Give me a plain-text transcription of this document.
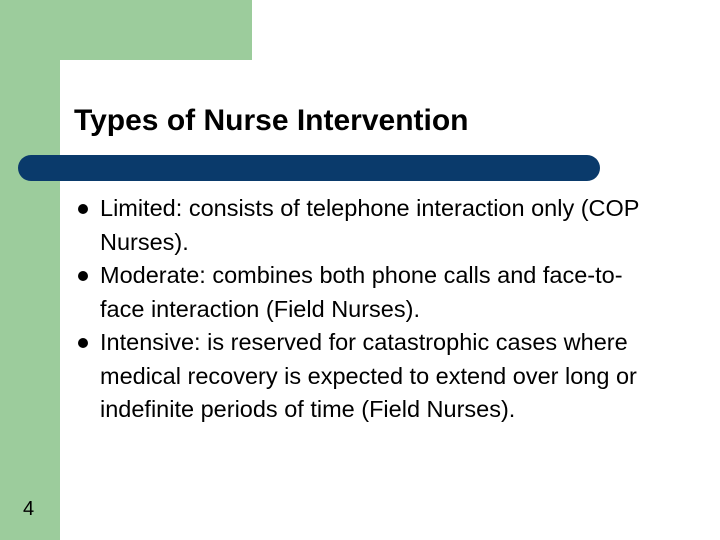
Types of Nurse Intervention
Limited: consists of telephone interaction only (COP Nurses).
Moderate: combines both phone calls and face-to-face interaction (Field Nurses).
Intensive: is reserved for catastrophic cases where medical recovery is expected to extend over long or indefinite periods of time (Field Nurses).
4
